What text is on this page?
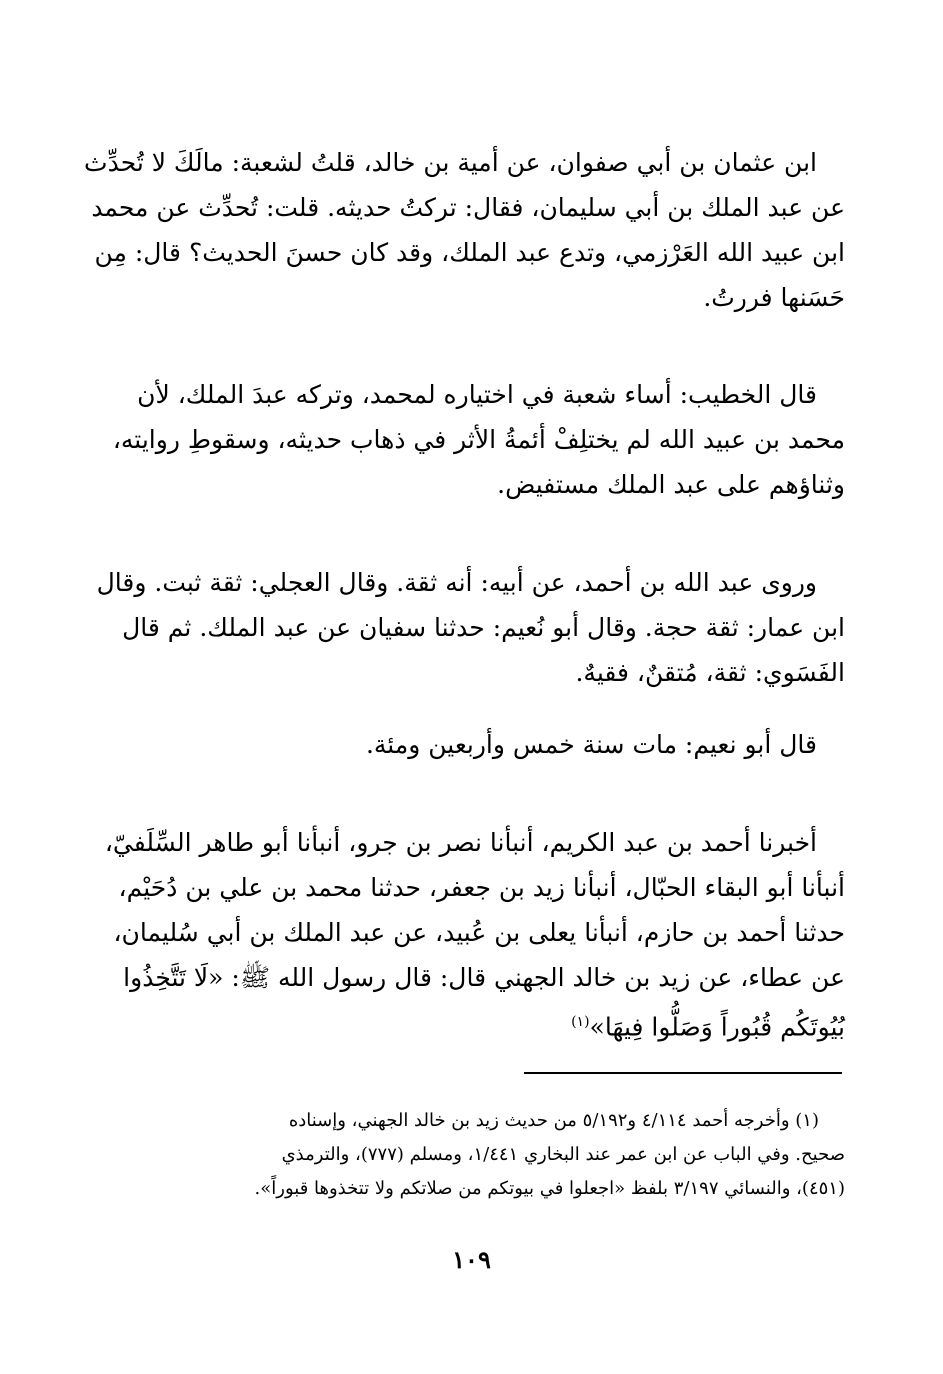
ابن عثمان بن أبي صفوان، عن أمية بن خالد، قلتُ لشعبة: مالَكَ لا تُحدِّث
عن عبد الملك بن أبي سليمان، فقال: تركتُ حديثه. قلت: تُحدِّث عن محمد
ابن عبيد الله العَرْزمي، وتدع عبد الملك، وقد كان حسنَ الحديث؟ قال: مِن
حَسَنها فررتُ.
قال الخطيب: أساء شعبة في اختياره لمحمد، وتركه عبدَ الملك، لأن
محمد بن عبيد الله لم يختلِفْ أئمةُ الأثر في ذهاب حديثه، وسقوطِ روايته،
وثناؤهم على عبد الملك مستفيض.
وروى عبد الله بن أحمد، عن أبيه: أنه ثقة. وقال العجلي: ثقة ثبت. وقال
ابن عمار: ثقة حجة. وقال أبو نُعيم: حدثنا سفيان عن عبد الملك. ثم قال
الفَسَوي: ثقة، مُتقنٌ، فقيهٌ.
قال أبو نعيم: مات سنة خمس وأربعين ومئة.
أخبرنا أحمد بن عبد الكريم، أنبأنا نصر بن جرو، أنبأنا أبو طاهر السِّلَفيّ،
أنبأنا أبو البقاء الحبّال، أنبأنا زيد بن جعفر، حدثنا محمد بن علي بن دُحَيْم،
حدثنا أحمد بن حازم، أنبأنا يعلى بن عُبيد، عن عبد الملك بن أبي سُليمان،
عن عطاء، عن زيد بن خالد الجهني قال: قال رسول الله ﷺ: «لَا تَتَّخِذُوا
بُيُوتَكُم قُبُوراً وَصَلُّوا فِيهَا»$^{(١)}$
(١) وأخرجه أحمد ٤/١١٤ و٥/١٩٢ من حديث زيد بن خالد الجهني، وإسناده
صحيح. وفي الباب عن ابن عمر عند البخاري ١/٤٤١، ومسلم (٧٧٧)، والترمذي
(٤٥١)، والنسائي ٣/١٩٧ بلفظ «اجعلوا في بيوتكم من صلاتكم ولا تتخذوها قبوراً».
١٠٩
